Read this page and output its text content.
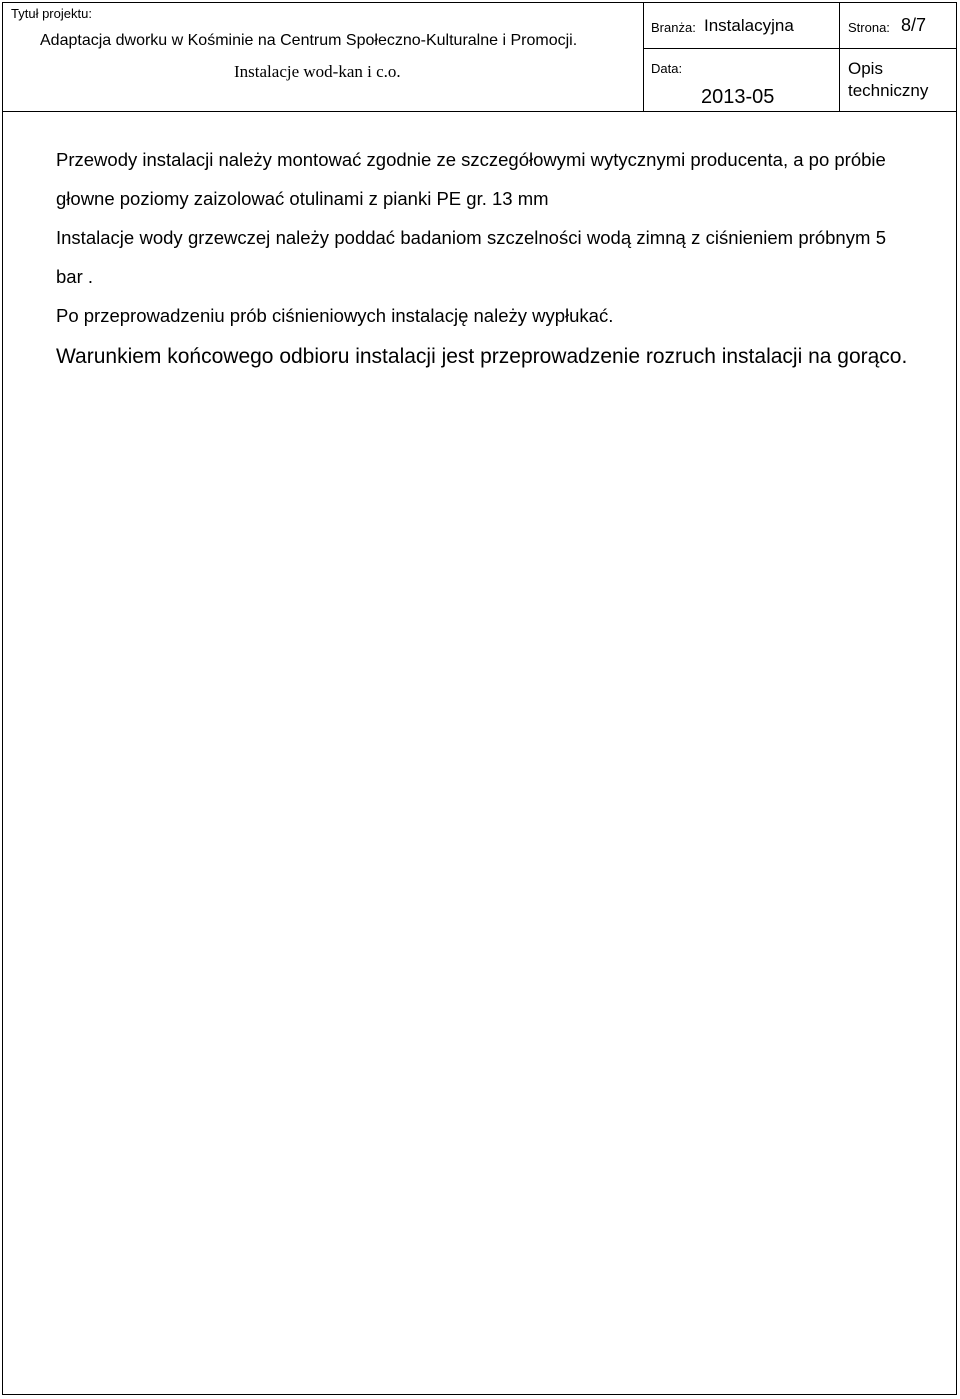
Tytuł projektu:
Adaptacja dworku w Kośminie na Centrum Społeczno-Kulturalne i Promocji.
Instalacje wod-kan i c.o.
Branża: Instalacyjna	Strona: 8/7
Data:
2013-05
Opis
techniczny

Przewody instalacji należy montować zgodnie ze szczegółowymi wytycznymi producenta, a po próbie głowne poziomy zaizolować otulinami z pianki PE gr. 13 mm

Instalacje wody grzewczej należy poddać badaniom szczelności wodą zimną z ciśnieniem próbnym 5 bar .

Po przeprowadzeniu prób ciśnieniowych instalację należy wypłukać.

Warunkiem końcowego odbioru instalacji jest przeprowadzenie rozruch instalacji na gorąco.
